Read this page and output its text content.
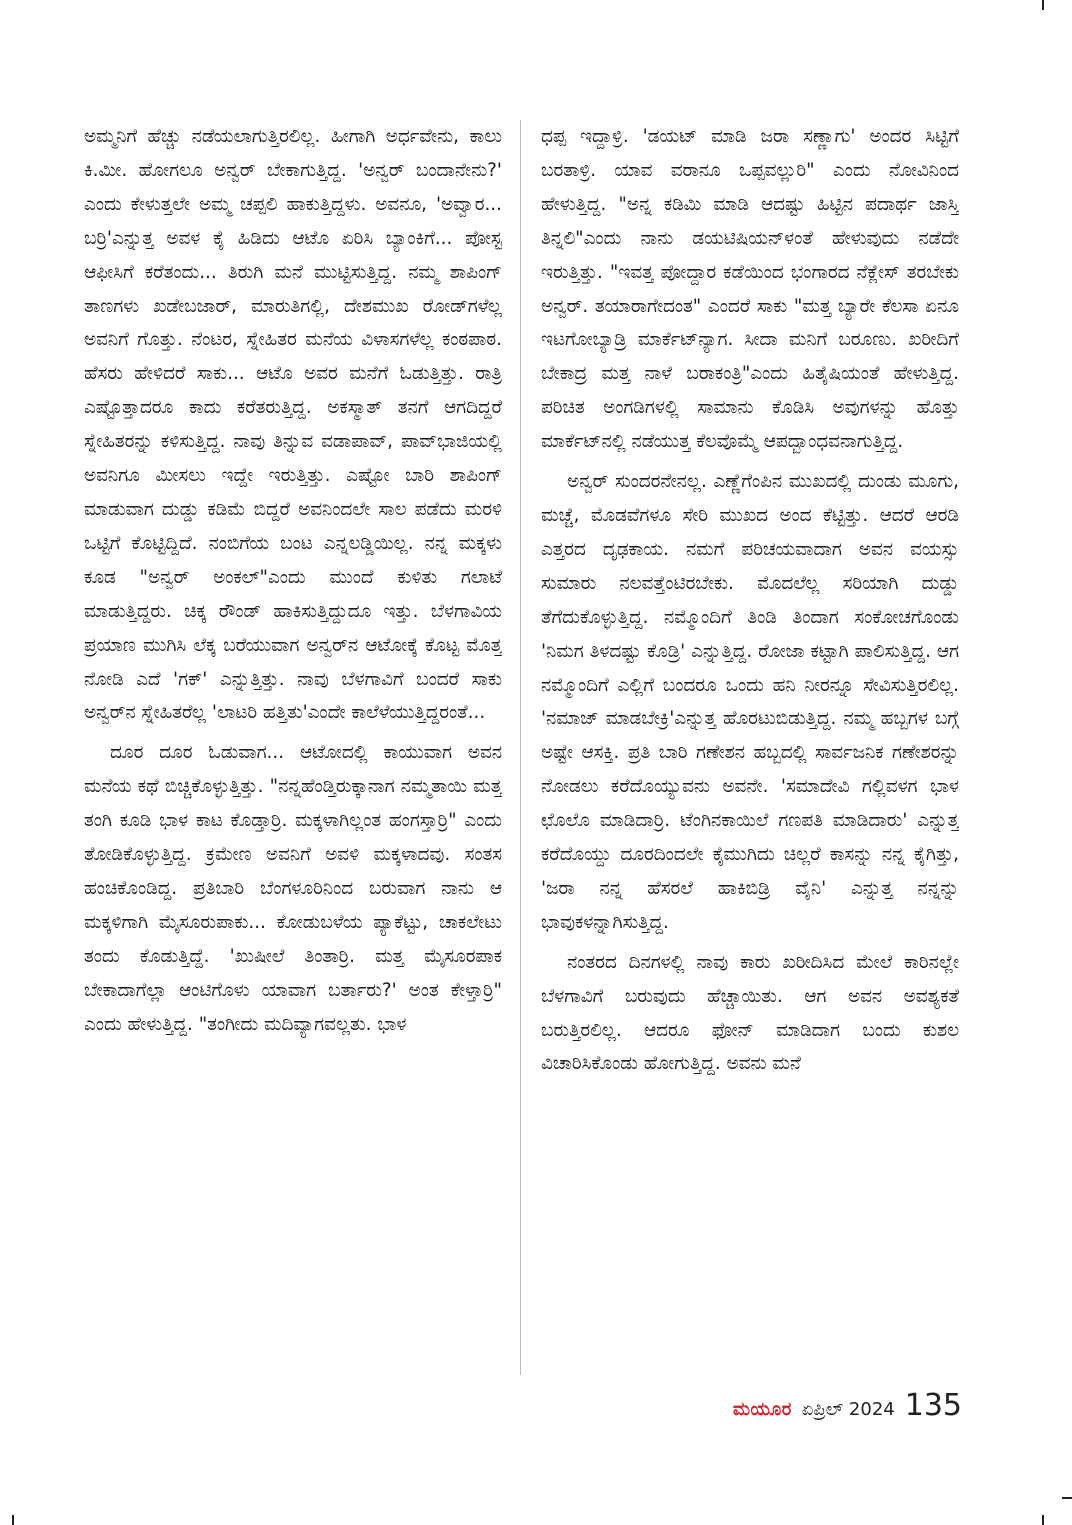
ಅಮ್ಮನಿಗೆ ಹೆಚ್ಚು ನಡೆಯಲಾಗುತ್ತಿರಲಿಲ್ಲ. ಹೀಗಾಗಿ ಅರ್ಧವೇನು, ಕಾಲು ಕಿ.ಮೀ. ಹೋಗಲೂ ಅನ್ವರ್ ಬೇಕಾಗುತ್ತಿದ್ದ. 'ಅನ್ವರ್ ಬಂದಾನೇನು?' ಎಂದು ಕೇಳುತ್ತಲೇ ಅಮ್ಮ ಚಪ್ಪಲಿ ಹಾಕುತ್ತಿದ್ದಳು. ಅವನೂ, 'ಅವ್ವಾರ... ಬರ್ರಿ'ಎನ್ನುತ್ತ ಅವಳ ಕೈ ಹಿಡಿದು ಆಟೊ ಏರಿಸಿ ಬ್ಯಾಂಕಿಗೆ... ಪೋಸ್ಟ ಆಫೀಸಿಗೆ ಕರೆತಂದು... ತಿರುಗಿ ಮನೆ ಮುಟ್ಟಿಸುತ್ತಿದ್ದ. ನಮ್ಮ ಶಾಪಿಂಗ್ ತಾಣಗಳು ಖಡೇಬಜಾರ್, ಮಾರುತಿಗಲ್ಲಿ, ದೇಶಮುಖ ರೋಡ್‌ಗಳೆಲ್ಲ ಅವನಿಗೆ ಗೊತ್ತು. ನೆಂಟರ, ಸ್ನೇಹಿತರ ಮನೆಯ ವಿಳಾಸಗಳೆಲ್ಲ ಕಂಠಪಾಠ. ಹೆಸರು ಹೇಳಿದರೆ ಸಾಕು... ಆಟೊ ಅವರ ಮನೆಗೆ ಓಡುತ್ತಿತ್ತು. ರಾತ್ರಿ ಎಷ್ಟೊತ್ತಾದರೂ ಕಾದು ಕರೆತರುತ್ತಿದ್ದ. ಅಕಸ್ಮಾತ್ ತನಗೆ ಆಗದಿದ್ದರೆ ಸ್ನೇಹಿತರನ್ನು ಕಳಿಸುತ್ತಿದ್ದ. ನಾವು ತಿನ್ನುವ ವಡಾಪಾವ್, ಪಾವ್‌ಭಾಜಿಯಲ್ಲಿ ಅವನಿಗೂ ಮೀಸಲು ಇದ್ದೇ ಇರುತ್ತಿತ್ತು. ಎಷ್ಟೋ ಬಾರಿ ಶಾಪಿಂಗ್ ಮಾಡುವಾಗ ದುಡ್ಡು ಕಡಿಮೆ ಬಿದ್ದರೆ ಅವನಿಂದಲೇ ಸಾಲ ಪಡೆದು ಮರಳಿ ಒಟ್ಟಿಗೆ ಕೊಟ್ಟಿದ್ದಿದೆ. ನಂಬಿಗೆಯ ಬಂಟ ಎನ್ನಲಡ್ಡಿಯಿಲ್ಲ. ನನ್ನ ಮಕ್ಕಳು ಕೂಡ "ಅನ್ವರ್ ಅಂಕಲ್"ಎಂದು ಮುಂದೆ ಕುಳಿತು ಗಲಾಟೆ ಮಾಡುತ್ತಿದ್ದರು. ಚಿಕ್ಕ ರೌಂಡ್ ಹಾಕಿಸುತ್ತಿದ್ದುದೂ ಇತ್ತು. ಬೆಳಗಾವಿಯ ಪ್ರಯಾಣ ಮುಗಿಸಿ ಲೆಕ್ಕ ಬರೆಯುವಾಗ ಅನ್ವರ್‌ನ ಆಟೋಕ್ಕೆ ಕೊಟ್ಟ ಮೊತ್ತ ನೋಡಿ ಎದೆ 'ಗಕ್' ಎನ್ನುತ್ತಿತ್ತು. ನಾವು ಬೆಳಗಾವಿಗೆ ಬಂದರೆ ಸಾಕು ಅನ್ವರ್‌ನ ಸ್ನೇಹಿತರೆಲ್ಲ 'ಲಾಟರಿ ಹತ್ತಿತು'ಎಂದೇ ಕಾಲೆಳೆಯುತ್ತಿದ್ದರಂತೆ...

ದೂರ ದೂರ ಓಡುವಾಗ... ಆಟೋದಲ್ಲಿ ಕಾಯುವಾಗ ಅವನ ಮನೆಯ ಕಥೆ ಬಿಚ್ಚಿಕೊಳ್ಳುತ್ತಿತ್ತು. "ನನ್ನಹೆಂಡ್ತಿರುಕ್ಕಾನಾಗ ನಮ್ಮತಾಯಿ ಮತ್ತ ತಂಗಿ ಕೂಡಿ ಭಾಳ ಕಾಟ ಕೊಡ್ತಾರ್ರಿ. ಮಕ್ಕಳಾಗಿಲ್ಲಂತ ಹಂಗಸ್ತಾರ್ರಿ" ಎಂದು ತೋಡಿಕೊಳ್ಳುತ್ತಿದ್ದ. ಕ್ರಮೇಣ ಅವನಿಗೆ ಅವಳಿ ಮಕ್ಕಳಾದವು. ಸಂತಸ ಹಂಚಿಕೊಂಡಿದ್ದ. ಪ್ರತಿಬಾರಿ ಬೆಂಗಳೂರಿನಿಂದ ಬರುವಾಗ ನಾನು ಆ ಮಕ್ಕಳಿಗಾಗಿ ಮೈಸೂರುಪಾಕು... ಕೋಡುಬಳೆಯ ಪ್ಯಾಕೆಟ್ಟು, ಚಾಕಲೇಟು ತಂದು ಕೊಡುತ್ತಿದ್ದೆ. 'ಖುಷೀಲೆ ತಿಂತಾರ್ರಿ. ಮತ್ತ ಮೈಸೂರಪಾಕ ಬೇಕಾದಾಗೆಲ್ಲಾ ಆಂಟಿಗೊಳು ಯಾವಾಗ ಬರ್ತಾರು?' ಅಂತ ಕೇಳ್ತಾರ್ರಿ" ಎಂದು ಹೇಳುತ್ತಿದ್ದ. "ತಂಗೀದು ಮದಿವ್ಯಾಗವಲ್ಲತು. ಭಾಳ

ಧಪ್ಪ ಇದ್ದಾಳ್ರಿ. 'ಡಯಟ್ ಮಾಡಿ ಜರಾ ಸಣ್ಣಾಗು' ಅಂದರ ಸಿಟ್ಟಿಗೆ ಬರತಾಳ್ರಿ. ಯಾವ ವರಾನೂ ಒಪ್ಪವಲ್ಲುರಿ" ಎಂದು ನೋವಿನಿಂದ ಹೇಳುತ್ತಿದ್ದ. "ಅನ್ನ ಕಡಿಮಿ ಮಾಡಿ ಆದಷ್ಟು ಹಿಟ್ಟಿನ ಪದಾರ್ಥ ಜಾಸ್ತಿ ತಿನ್ನಲಿ"ಎಂದು ನಾನು ಡಯಟಿಷಿಯನ್‌ಳಂತೆ ಹೇಳುವುದು ನಡೆದೇ ಇರುತ್ತಿತ್ತು. "ಇವತ್ತ ಪೋದ್ದಾರ ಕಡೆಯಿಂದ ಭಂಗಾರದ ನೆಕ್ಲೇಸ್ ತರಬೇಕು ಅನ್ವರ್. ತಯಾರಾಗೇದಂತ" ಎಂದರೆ ಸಾಕು "ಮತ್ತ ಬ್ಯಾರೇ ಕೆಲಸಾ ಏನೂ ಇಟಗೋಬ್ಯಾಡ್ರಿ ಮಾರ್ಕೆಟ್‌ನ್ಯಾಗ. ಸೀದಾ ಮನಿಗೆ ಬರೂಣು. ಖರೀದಿಗೆ ಬೇಕಾದ್ರ ಮತ್ತ ನಾಳೆ ಬರಾಕಂತ್ರಿ"ಎಂದು ಹಿತೈಷಿಯಂತೆ ಹೇಳುತ್ತಿದ್ದ. ಪರಿಚಿತ ಅಂಗಡಿಗಳಲ್ಲಿ ಸಾಮಾನು ಕೊಡಿಸಿ ಅವುಗಳನ್ನು ಹೊತ್ತು ಮಾರ್ಕೆಟ್‌ನಲ್ಲಿ ನಡೆಯುತ್ತ ಕೆಲವೊಮ್ಮೆ ಆಪದ್ಬಾಂಧವನಾಗುತ್ತಿದ್ದ.

ಅನ್ವರ್ ಸುಂದರನೇನಲ್ಲ. ಎಣ್ಣೆಗೆಂಪಿನ ಮುಖದಲ್ಲಿ ದುಂಡು ಮೂಗು, ಮಚ್ಚೆ, ಮೊಡವೆಗಳೂ ಸೇರಿ ಮುಖದ ಅಂದ ಕೆಟ್ಟಿತ್ತು. ಆದರೆ ಆರಡಿ ಎತ್ತರದ ದೃಢಕಾಯ. ನಮಗೆ ಪರಿಚಯವಾದಾಗ ಅವನ ವಯಸ್ಸು ಸುಮಾರು ನಲವತ್ತೆಂಟಿರಬೇಕು. ಮೊದಲೆಲ್ಲ ಸರಿಯಾಗಿ ದುಡ್ಡು ತೆಗೆದುಕೊಳ್ಳುತ್ತಿದ್ದ. ನಮ್ಮೊಂದಿಗೆ ತಿಂಡಿ ತಿಂದಾಗ ಸಂಕೋಚಗೊಂಡು 'ನಿಮಗ ತಿಳದಷ್ಟು ಕೊಡ್ರಿ' ಎನ್ನುತ್ತಿದ್ದ. ರೋಜಾ ಕಟ್ಟಾಗಿ ಪಾಲಿಸುತ್ತಿದ್ದ. ಆಗ ನಮ್ಮೊಂದಿಗೆ ಎಲ್ಲಿಗೆ ಬಂದರೂ ಒಂದು ಹನಿ ನೀರನ್ನೂ ಸೇವಿಸುತ್ತಿರಲಿಲ್ಲ. 'ನಮಾಜ್ ಮಾಡಬೇಕ್ರಿ'ಎನ್ನುತ್ತ ಹೊರಟುಬಿಡುತ್ತಿದ್ದ. ನಮ್ಮ ಹಬ್ಬಗಳ ಬಗ್ಗೆ ಅಷ್ಟೇ ಆಸಕ್ತಿ. ಪ್ರತಿ ಬಾರಿ ಗಣೇಶನ ಹಬ್ಬದಲ್ಲಿ ಸಾರ್ವಜನಿಕ ಗಣೇಶರನ್ನು ನೋಡಲು ಕರೆದೊಯ್ಯುವನು ಅವನೇ. 'ಸಮಾದೇವಿ ಗಲ್ಲಿವಳಗ ಭಾಳ ಛೊಲೊ ಮಾಡಿದಾರ್ರಿ. ಟೆಂಗಿನಕಾಯಿಲೆ ಗಣಪತಿ ಮಾಡಿದಾರು' ಎನ್ನುತ್ತ ಕರೆದೊಯ್ದು ದೂರದಿಂದಲೇ ಕೈಮುಗಿದು ಚಿಲ್ಲರೆ ಕಾಸನ್ನು ನನ್ನ ಕೈಗಿತ್ತು, 'ಜರಾ ನನ್ನ ಹೆಸರಲೆ ಹಾಕಿಬಿಡ್ರಿ ವೈನಿ' ಎನ್ನುತ್ತ ನನ್ನನ್ನು ಭಾವುಕಳನ್ನಾಗಿಸುತ್ತಿದ್ದ.

ನಂತರದ ದಿನಗಳಲ್ಲಿ ನಾವು ಕಾರು ಖರೀದಿಸಿದ ಮೇಲೆ ಕಾರಿನಲ್ಲೇ ಬೆಳಗಾವಿಗೆ ಬರುವುದು ಹೆಚ್ಚಾಯಿತು. ಆಗ ಅವನ ಅವಶ್ಯಕತೆ ಬರುತ್ತಿರಲಿಲ್ಲ. ಆದರೂ ಫೋನ್ ಮಾಡಿದಾಗ ಬಂದು ಕುಶಲ ವಿಚಾರಿಸಿಕೊಂಡು ಹೋಗುತ್ತಿದ್ದ. ಅವನು ಮನೆ

ಮಯೂರ ಏಪ್ರಿಲ್ 2024 135
